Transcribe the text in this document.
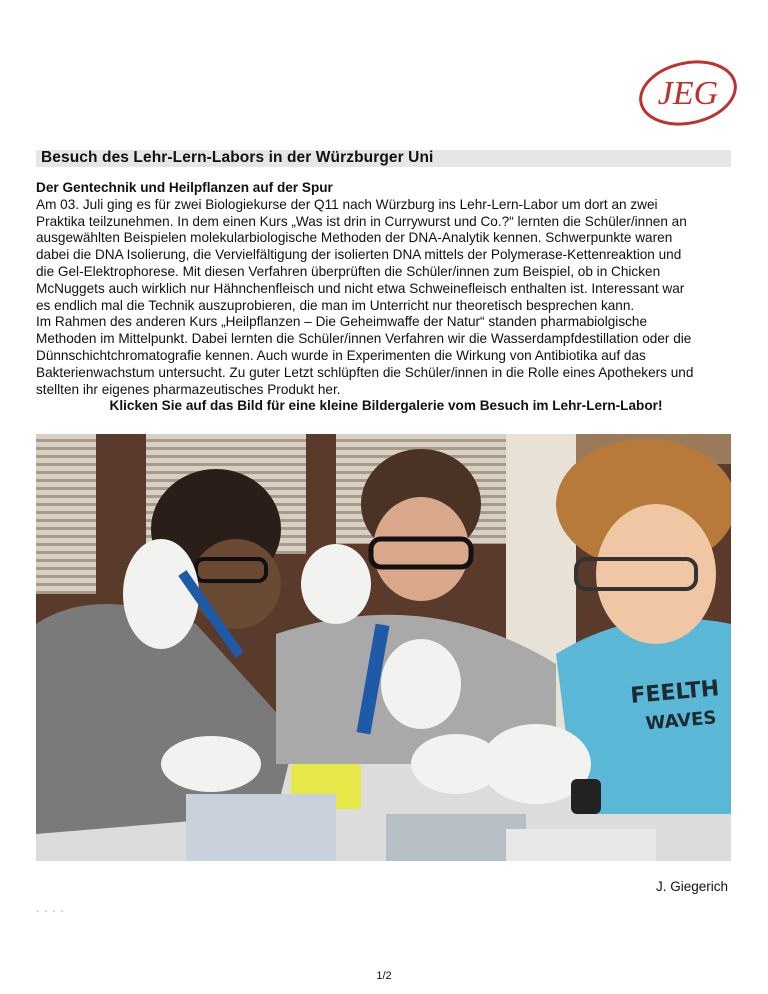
JEG
Besuch des Lehr-Lern-Labors in der Würzburger Uni

Der Gentechnik und Heilpflanzen auf der Spur

Am 03. Juli ging es für zwei Biologiekurse der Q11 nach Würzburg ins Lehr-Lern-Labor um dort an zwei

Praktika teilzunehmen. In dem einen Kurs „Was ist drin in Currywurst und Co.?“ lernten die Schüler/innen an

ausgewählten Beispielen molekularbiologische Methoden der DNA-Analytik kennen. Schwerpunkte waren

dabei die DNA Isolierung, die Vervielfältigung der isolierten DNA mittels der Polymerase-Kettenreaktion und

die Gel-Elektrophorese. Mit diesen Verfahren überprüften die Schüler/innen zum Beispiel, ob in Chicken

McNuggets auch wirklich nur Hähnchenfleisch und nicht etwa Schweinefleisch enthalten ist. Interessant war

es endlich mal die Technik auszuprobieren, die man im Unterricht nur theoretisch besprechen kann.

Im Rahmen des anderen Kurs „Heilpflanzen – Die Geheimwaffe der Natur“ standen pharmabiolgische

Methoden im Mittelpunkt. Dabei lernten die Schüler/innen Verfahren wir die Wasserdampfdestillation oder die

Dünnschichtchromatografie kennen. Auch wurde in Experimenten die Wirkung von Antibiotika auf das

Bakterienwachstum untersucht. Zu guter Letzt schlüpften die Schüler/innen in die Rolle eines Apothekers und

stellten ihr eigenes pharmazeutisches Produkt her.

Klicken Sie auf das Bild für eine kleine Bildergalerie vom Besuch im Lehr-Lern-Labor!

FEELTH
WAVES
J. Giegerich
- - - -
1/2
